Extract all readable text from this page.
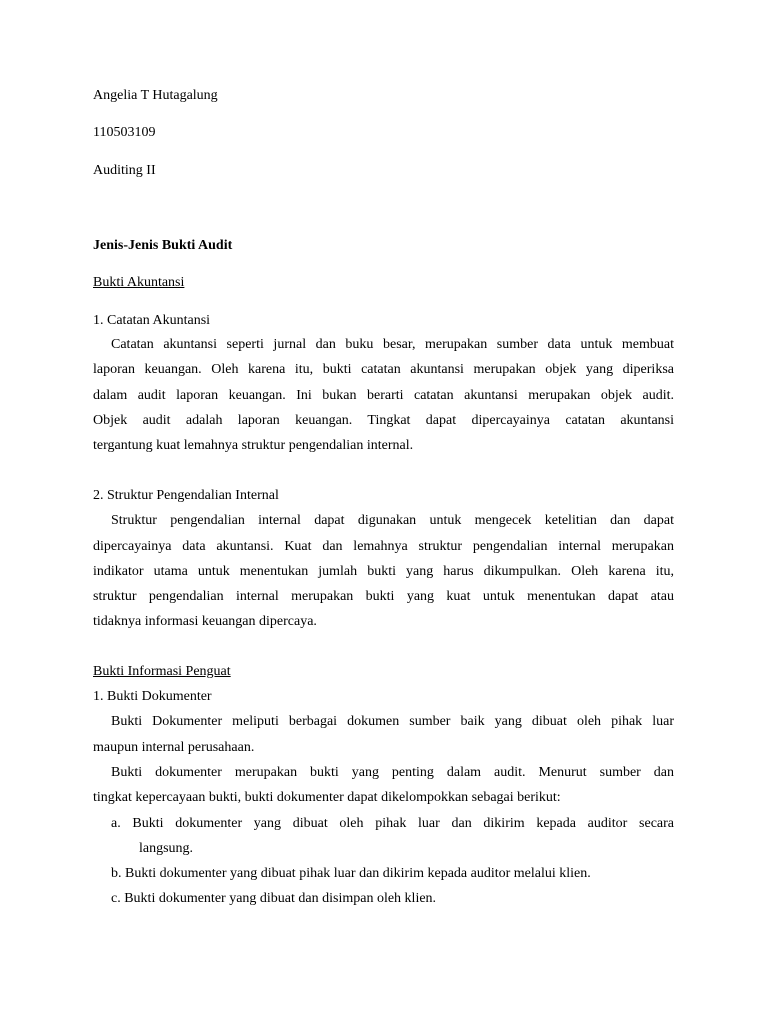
Angelia T Hutagalung

110503109

Auditing II

Jenis-Jenis Bukti Audit

Bukti Akuntansi

1. Catatan Akuntansi

Catatan akuntansi seperti jurnal dan buku besar, merupakan sumber data untuk membuat

laporan keuangan. Oleh karena itu, bukti catatan akuntansi merupakan objek yang diperiksa

dalam audit laporan keuangan. Ini bukan berarti catatan akuntansi merupakan objek audit.

Objek audit adalah laporan keuangan. Tingkat dapat dipercayainya catatan akuntansi

tergantung kuat lemahnya struktur pengendalian internal.

2. Struktur Pengendalian Internal

Struktur pengendalian internal dapat digunakan untuk mengecek ketelitian dan dapat

dipercayainya data akuntansi. Kuat dan lemahnya struktur pengendalian internal merupakan

indikator utama untuk menentukan jumlah bukti yang harus dikumpulkan. Oleh karena itu,

struktur pengendalian internal merupakan bukti yang kuat untuk menentukan dapat atau

tidaknya informasi keuangan dipercaya.

Bukti Informasi Penguat

1. Bukti Dokumenter

Bukti Dokumenter meliputi berbagai dokumen sumber baik yang dibuat oleh pihak luar

maupun internal perusahaan.

Bukti dokumenter merupakan bukti yang penting dalam audit. Menurut sumber dan

tingkat kepercayaan bukti, bukti dokumenter dapat dikelompokkan sebagai berikut:

a. Bukti dokumenter yang dibuat oleh pihak luar dan dikirim kepada auditor secara

langsung.

b. Bukti dokumenter yang dibuat pihak luar dan dikirim kepada auditor melalui klien.

c. Bukti dokumenter yang dibuat dan disimpan oleh klien.
